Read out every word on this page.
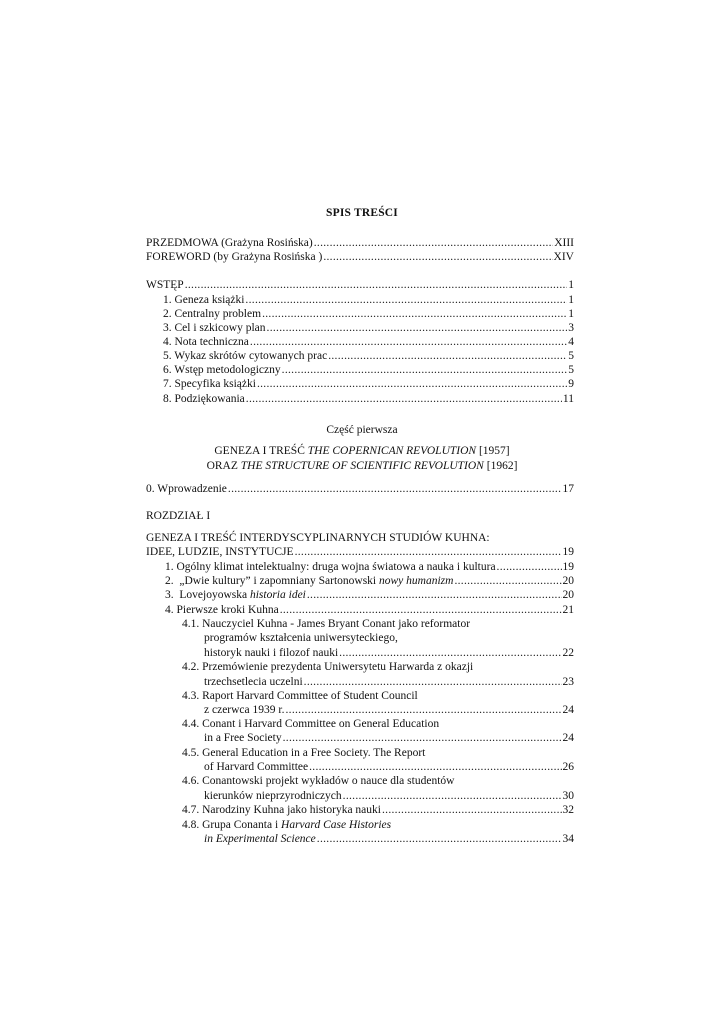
SPIS TREŚCI
PRZEDMOWA (Grażyna Rosińska) .....	XIII
FOREWORD (by Grażyna Rosińska ) .....	XIV
WSTĘP .....	1
1. Geneza książki .....	1
2. Centralny problem .....	1
3. Cel i szkicowy plan .....	3
4. Nota techniczna .....	4
5. Wykaz skrótów cytowanych prac .....	5
6. Wstęp metodologiczny .....	5
7. Specyfika książki .....	9
8. Podziękowania .....	11
Część pierwsza
GENEZA I TREŚĆ THE COPERNICAN REVOLUTION [1957]
ORAZ THE STRUCTURE OF SCIENTIFIC REVOLUTION [1962]
0. Wprowadzenie .....	17
ROZDZIAŁ I
GENEZA I TREŚĆ INTERDYSCYPLINARNYCH STUDIÓW KUHNA:
IDEE, LUDZIE, INSTYTUCJE .....	19
1. Ogólny klimat intelektualny: druga wojna światowa a nauka i kultura .....	19
2.  „Dwie kultury” i zapomniany Sartonowski nowy humanizm .....	20
3.  Lovejoyowska historia idei .....	20
4. Pierwsze kroki Kuhna .....	21
4.1. Nauczyciel Kuhna - James Bryant Conant jako reformator
programów kształcenia uniwersyteckiego,
historyk nauki i filozof nauki .....	22
4.2. Przemówienie prezydenta Uniwersytetu Harwarda z okazji
trzechsetlecia uczelni .....	23
4.3. Raport Harvard Committee of Student Council
z czerwca 1939 r. .....	24
4.4. Conant i Harvard Committee on General Education
in a Free Society .....	24
4.5. General Education in a Free Society. The Report
of Harvard Committee .....	26
4.6. Conantowski projekt wykładów o nauce dla studentów
kierunków nieprzyrodniczych .....	30
4.7. Narodziny Kuhna jako historyka nauki .....	32
4.8. Grupa Conanta i Harvard Case Histories
in Experimental Science .....	34
